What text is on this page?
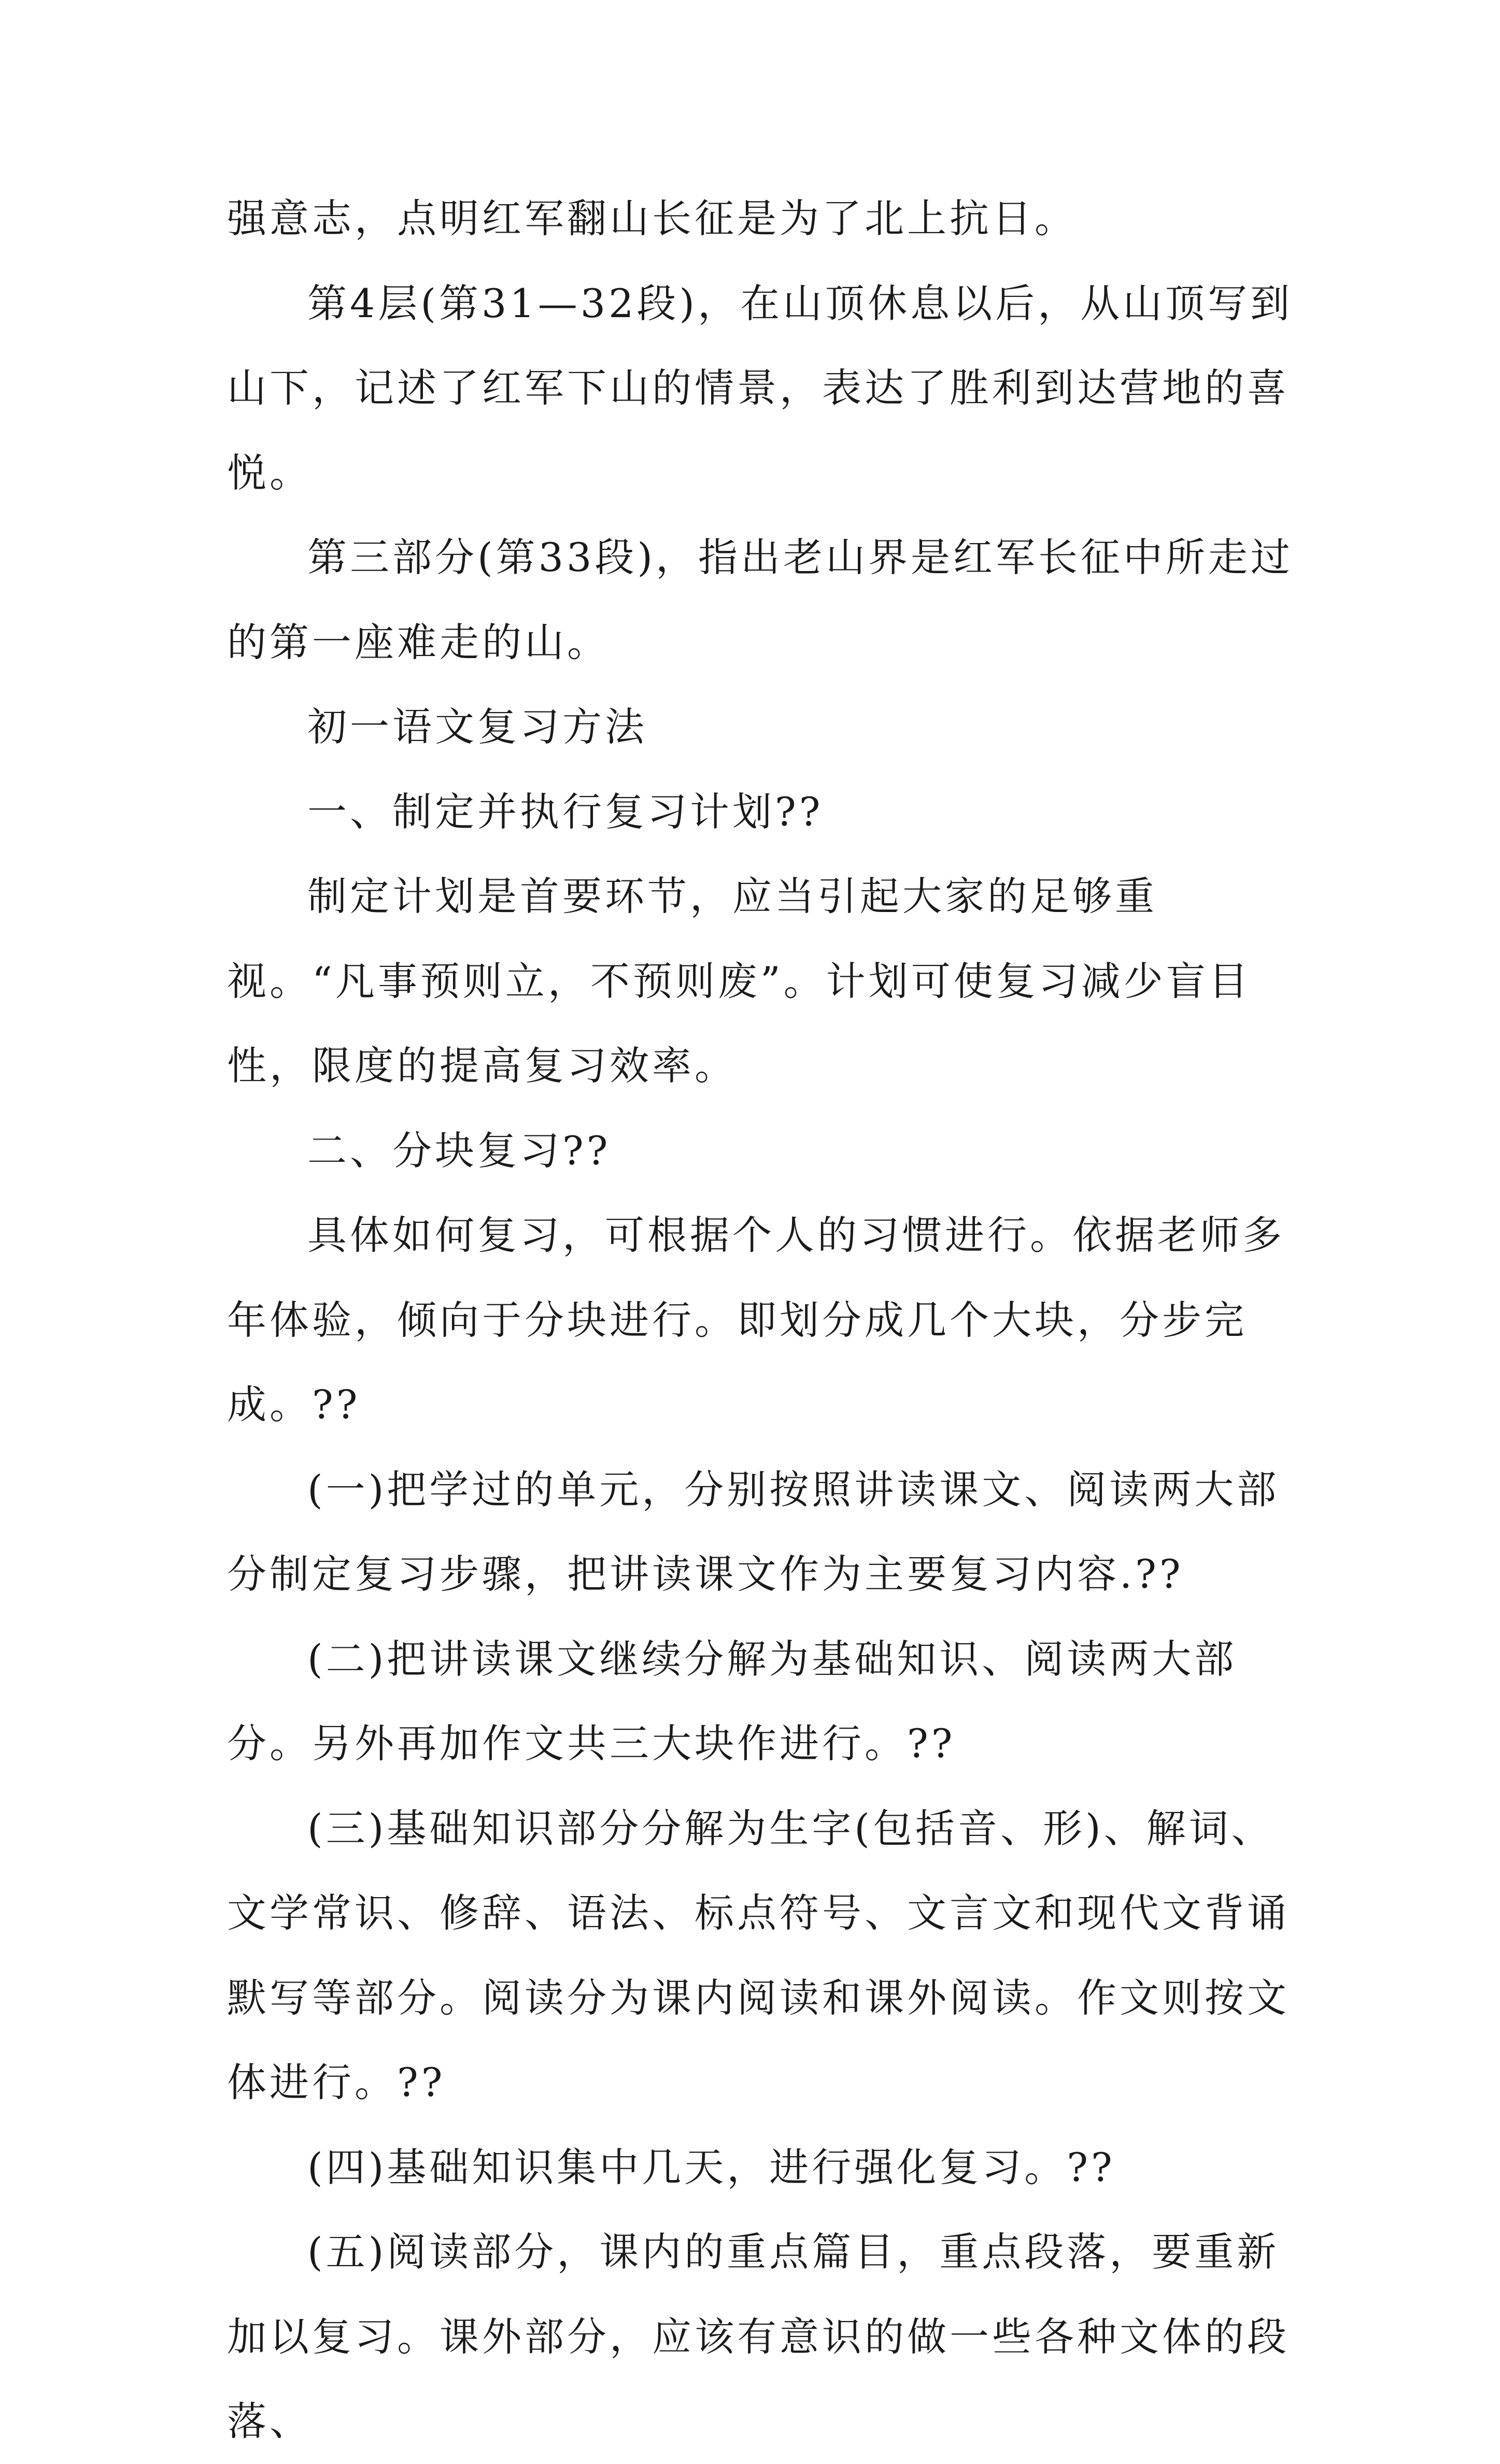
强意志，点明红军翻山长征是为了北上抗日。

第4层(第31—32段)，在山顶休息以后，从山顶写到山下，记述了红军下山的情景，表达了胜利到达营地的喜悦。

第三部分(第33段)，指出老山界是红军长征中所走过的第一座难走的山。

初一语文复习方法

一、制定并执行复习计划??

制定计划是首要环节，应当引起大家的足够重视。“凡事预则立，不预则废”。计划可使复习减少盲目性，限度的提高复习效率。

二、分块复习??

具体如何复习，可根据个人的习惯进行。依据老师多年体验，倾向于分块进行。即划分成几个大块，分步完成。??

(一)把学过的单元，分别按照讲读课文、阅读两大部分制定复习步骤，把讲读课文作为主要复习内容.??

(二)把讲读课文继续分解为基础知识、阅读两大部分。另外再加作文共三大块作进行。??

(三)基础知识部分分解为生字(包括音、形)、解词、文学常识、修辞、语法、标点符号、文言文和现代文背诵默写等部分。阅读分为课内阅读和课外阅读。作文则按文体进行。??

(四)基础知识集中几天，进行强化复习。??

(五)阅读部分，课内的重点篇目，重点段落，要重新加以复习。课外部分，应该有意识的做一些各种文体的段落、
